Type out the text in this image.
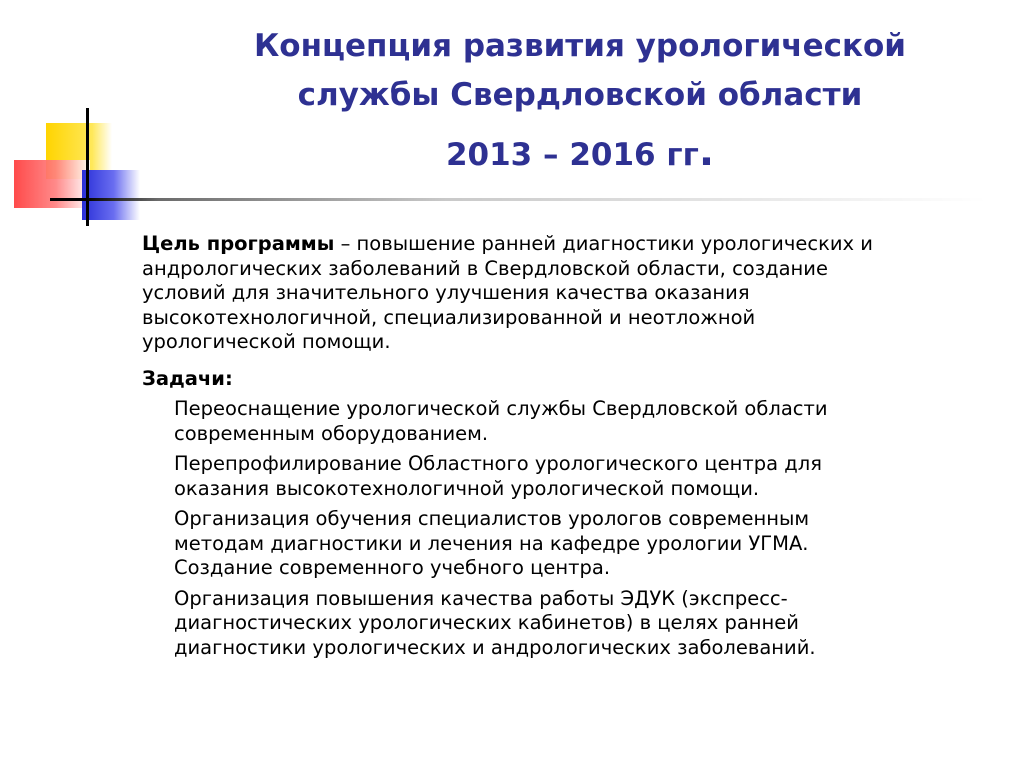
Концепция развития урологической
службы Свердловской области
2013 – 2016 гг.

Цель программы – повышение ранней диагностики урологических и
андрологических заболеваний в Свердловской области, создание
условий для значительного улучшения качества оказания
высокотехнологичной, специализированной и неотложной
урологической помощи.

Задачи:

Переоснащение урологической службы Свердловской области
современным оборудованием.

Перепрофилирование Областного урологического центра для
оказания высокотехнологичной урологической помощи.

Организация обучения специалистов урологов современным
методам диагностики и лечения на кафедре урологии УГМА.
Создание современного учебного центра.

Организация повышения качества работы ЭДУК (экспресс-
диагностических урологических кабинетов) в целях ранней
диагностики урологических и андрологических заболеваний.
